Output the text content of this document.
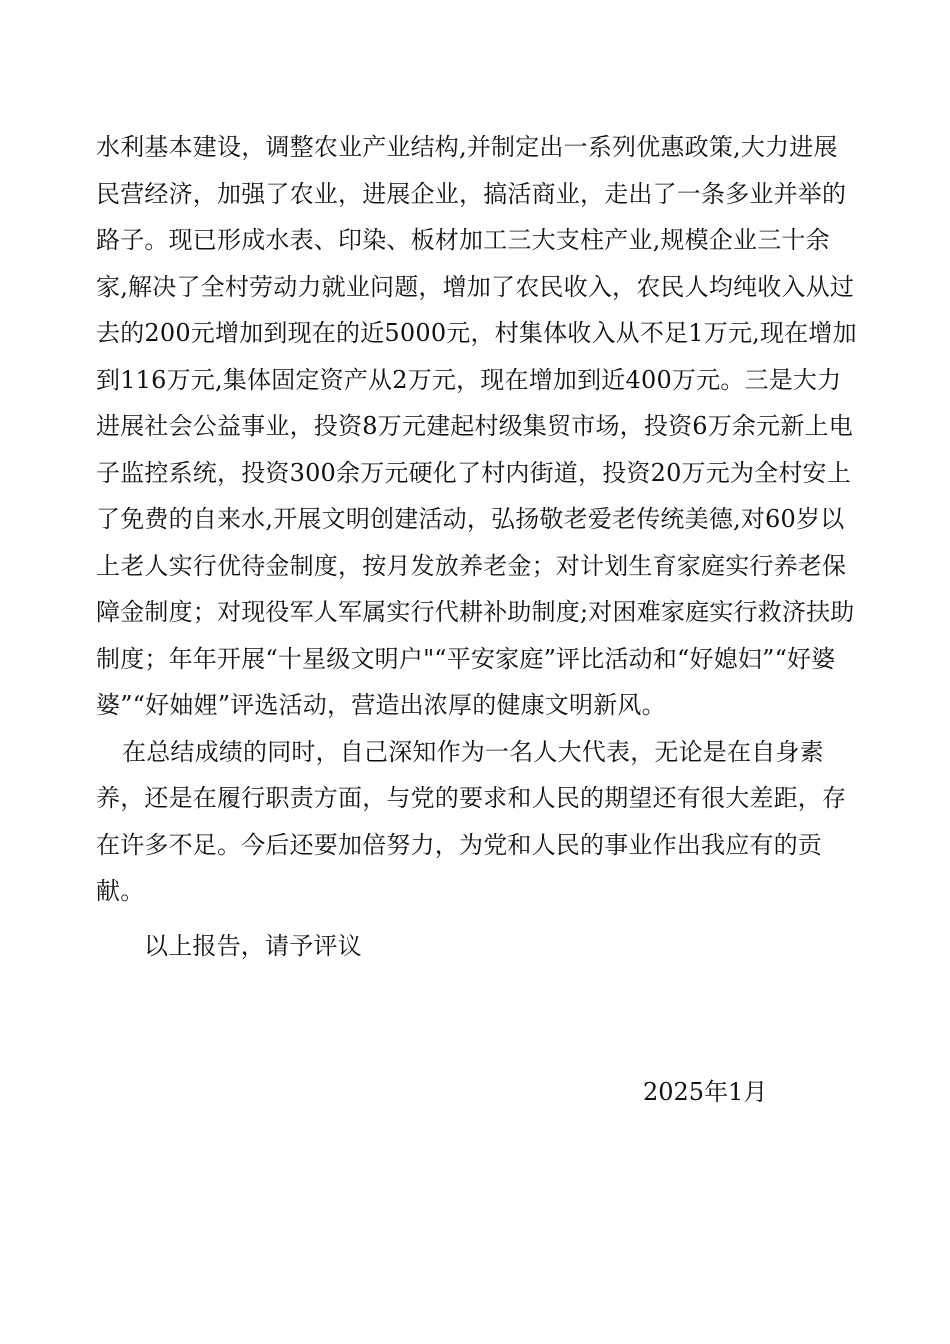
水利基本建设，调整农业产业结构,并制定出一系列优惠政策,大力进展民营经济，加强了农业，进展企业，搞活商业，走出了一条多业并举的路子。现已形成水表、印染、板材加工三大支柱产业,规模企业三十余家,解决了全村劳动力就业问题，增加了农民收入，农民人均纯收入从过去的200元增加到现在的近5000元，村集体收入从不足1万元,现在增加到116万元,集体固定资产从2万元，现在增加到近400万元。三是大力进展社会公益事业，投资8万元建起村级集贸市场，投资6万余元新上电子监控系统，投资300余万元硬化了村内街道，投资20万元为全村安上了免费的自来水,开展文明创建活动，弘扬敬老爱老传统美德,对60岁以上老人实行优待金制度，按月发放养老金；对计划生育家庭实行养老保障金制度；对现役军人军属实行代耕补助制度;对困难家庭实行救济扶助制度；年年开展“十星级文明户"“平安家庭”评比活动和“好媳妇”“好婆婆”“好妯娌”评选活动，营造出浓厚的健康文明新风。

在总结成绩的同时，自己深知作为一名人大代表，无论是在自身素养，还是在履行职责方面，与党的要求和人民的期望还有很大差距，存在许多不足。今后还要加倍努力，为党和人民的事业作出我应有的贡献。

以上报告，请予评议

2025年1月
